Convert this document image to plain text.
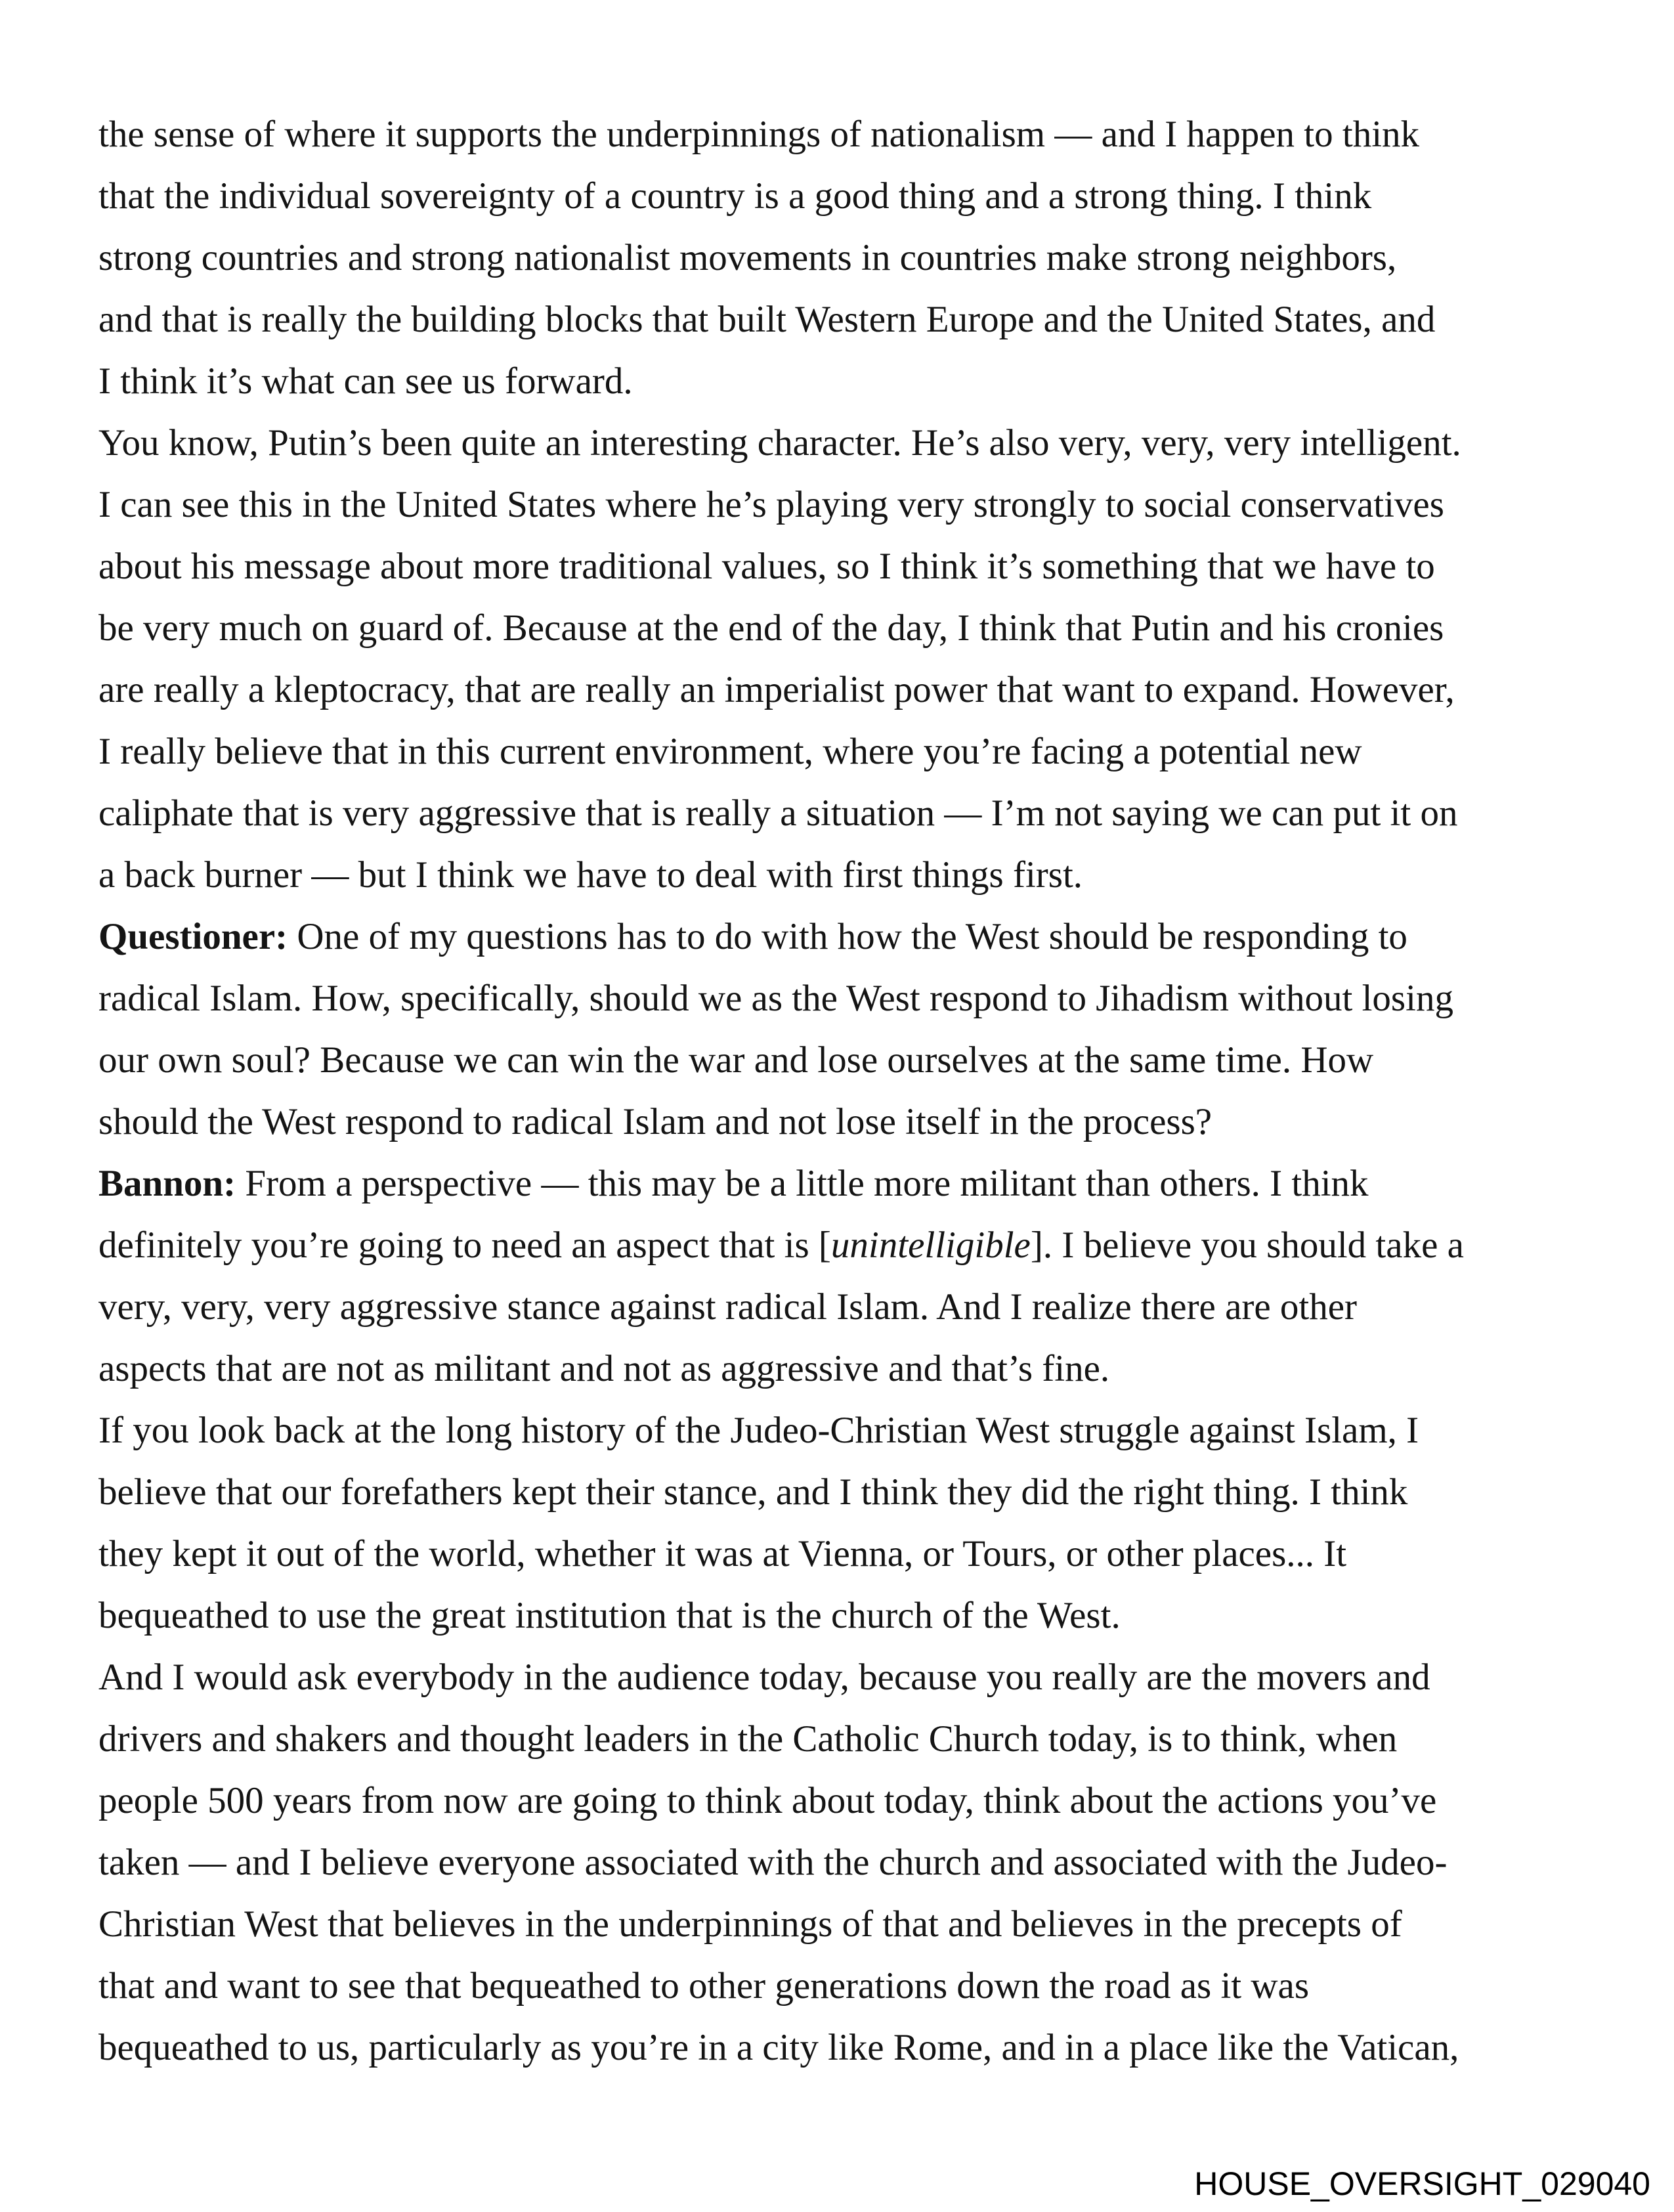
the sense of where it supports the underpinnings of nationalism — and I happen to think
that the individual sovereignty of a country is a good thing and a strong thing. I think
strong countries and strong nationalist movements in countries make strong neighbors,
and that is really the building blocks that built Western Europe and the United States, and
I think it’s what can see us forward.
You know, Putin’s been quite an interesting character. He’s also very, very, very intelligent.
I can see this in the United States where he’s playing very strongly to social conservatives
about his message about more traditional values, so I think it’s something that we have to
be very much on guard of. Because at the end of the day, I think that Putin and his cronies
are really a kleptocracy, that are really an imperialist power that want to expand. However,
I really believe that in this current environment, where you’re facing a potential new
caliphate that is very aggressive that is really a situation — I’m not saying we can put it on
a back burner — but I think we have to deal with first things first.
Questioner: One of my questions has to do with how the West should be responding to
radical Islam. How, specifically, should we as the West respond to Jihadism without losing
our own soul? Because we can win the war and lose ourselves at the same time. How
should the West respond to radical Islam and not lose itself in the process?
Bannon: From a perspective — this may be a little more militant than others. I think
definitely you’re going to need an aspect that is [unintelligible]. I believe you should take a
very, very, very aggressive stance against radical Islam. And I realize there are other
aspects that are not as militant and not as aggressive and that’s fine.
If you look back at the long history of the Judeo-Christian West struggle against Islam, I
believe that our forefathers kept their stance, and I think they did the right thing. I think
they kept it out of the world, whether it was at Vienna, or Tours, or other places... It
bequeathed to use the great institution that is the church of the West.
And I would ask everybody in the audience today, because you really are the movers and
drivers and shakers and thought leaders in the Catholic Church today, is to think, when
people 500 years from now are going to think about today, think about the actions you’ve
taken — and I believe everyone associated with the church and associated with the Judeo-
Christian West that believes in the underpinnings of that and believes in the precepts of
that and want to see that bequeathed to other generations down the road as it was
bequeathed to us, particularly as you’re in a city like Rome, and in a place like the Vatican,
HOUSE_OVERSIGHT_029040
